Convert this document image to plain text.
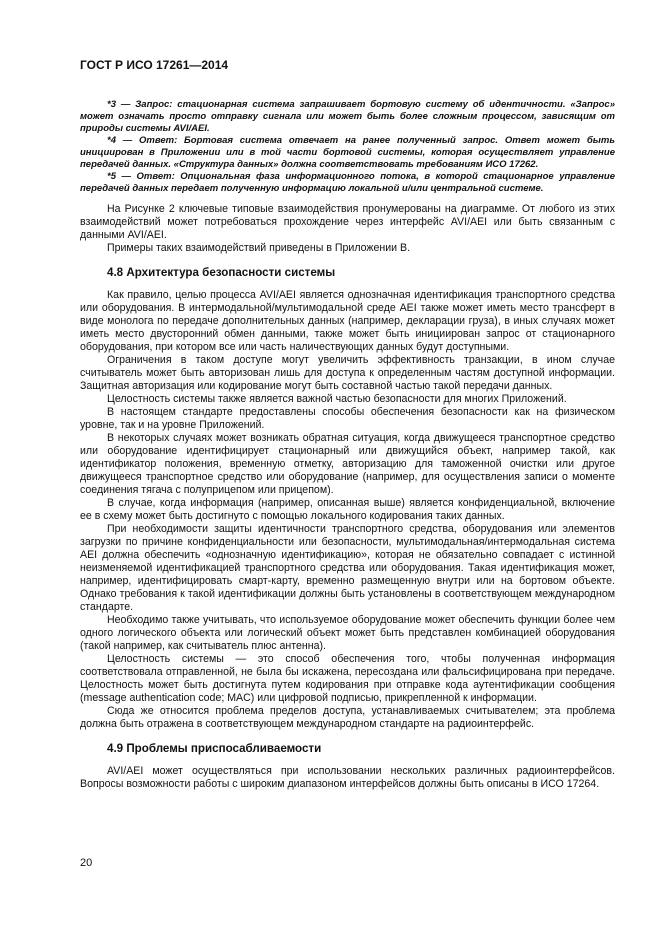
ГОСТ Р ИСО 17261—2014

*3 — Запрос: стационарная система запрашивает бортовую систему об идентичности. «Запрос» может означать просто отправку сигнала или может быть более сложным процессом, зависящим от природы системы AVI/AEI.

*4 — Ответ: Бортовая система отвечает на ранее полученный запрос. Ответ может быть инициирован в Приложении или в той части бортовой системы, которая осуществляет управление передачей данных. «Структура данных» должна соответствовать требованиям ИСО 17262.

*5 — Ответ: Опциональная фаза информационного потока, в которой стационарное управление передачей данных передает полученную информацию локальной и/или центральной системе.

На Рисунке 2 ключевые типовые взаимодействия пронумерованы на диаграмме. От любого из этих взаимодействий может потребоваться прохождение через интерфейс AVI/AEI или быть связанным с данными AVI/AEI.

Примеры таких взаимодействий приведены в Приложении В.

4.8 Архитектура безопасности системы

Как правило, целью процесса AVI/AEI является однозначная идентификация транспортного средства или оборудования. В интермодальной/мультимодальной среде AEI также может иметь место трансферт в виде монолога по передаче дополнительных данных (например, декларации груза), в иных случаях может иметь место двусторонний обмен данными, также может быть инициирован запрос от стационарного оборудования, при котором все или часть наличествующих данных будут доступными.

Ограничения в таком доступе могут увеличить эффективность транзакции, в ином случае считыватель может быть авторизован лишь для доступа к определенным частям доступной информации. Защитная авторизация или кодирование могут быть составной частью такой передачи данных.

Целостность системы также является важной частью безопасности для многих Приложений.

В настоящем стандарте предоставлены способы обеспечения безопасности как на физическом уровне, так и на уровне Приложений.

В некоторых случаях может возникать обратная ситуация, когда движущееся транспортное средство или оборудование идентифицирует стационарный или движущийся объект, например такой, как идентификатор положения, временную отметку, авторизацию для таможенной очистки или другое движущееся транспортное средство или оборудование (например, для осуществления записи о моменте соединения тягача с полуприцепом или прицепом).

В случае, когда информация (например, описанная выше) является конфиденциальной, включение ее в схему может быть достигнуто с помощью локального кодирования таких данных.

При необходимости защиты идентичности транспортного средства, оборудования или элементов загрузки по причине конфиденциальности или безопасности, мультимодальная/интермодальная система AEI должна обеспечить «однозначную идентификацию», которая не обязательно совпадает с истинной неизменяемой идентификацией транспортного средства или оборудования. Такая идентификация может, например, идентифицировать смарт-карту, временно размещенную внутри или на бортовом объекте. Однако требования к такой идентификации должны быть установлены в соответствующем международном стандарте.

Необходимо также учитывать, что используемое оборудование может обеспечить функции более чем одного логического объекта или логический объект может быть представлен комбинацией оборудования (такой например, как считыватель плюс антенна).

Целостность системы — это способ обеспечения того, чтобы полученная информация соответствовала отправленной, не была бы искажена, пересоздана или фальсифицирована при передаче. Целостность может быть достигнута путем кодирования при отправке кода аутентификации сообщения (message authentication code; MAC) или цифровой подписью, прикрепленной к информации.

Сюда же относится проблема пределов доступа, устанавливаемых считывателем; эта проблема должна быть отражена в соответствующем международном стандарте на радиоинтерфейс.

4.9 Проблемы приспосабливаемости

AVI/AEI может осуществляться при использовании нескольких различных радиоинтерфейсов. Вопросы возможности работы с широким диапазоном интерфейсов должны быть описаны в ИСО 17264.

20
